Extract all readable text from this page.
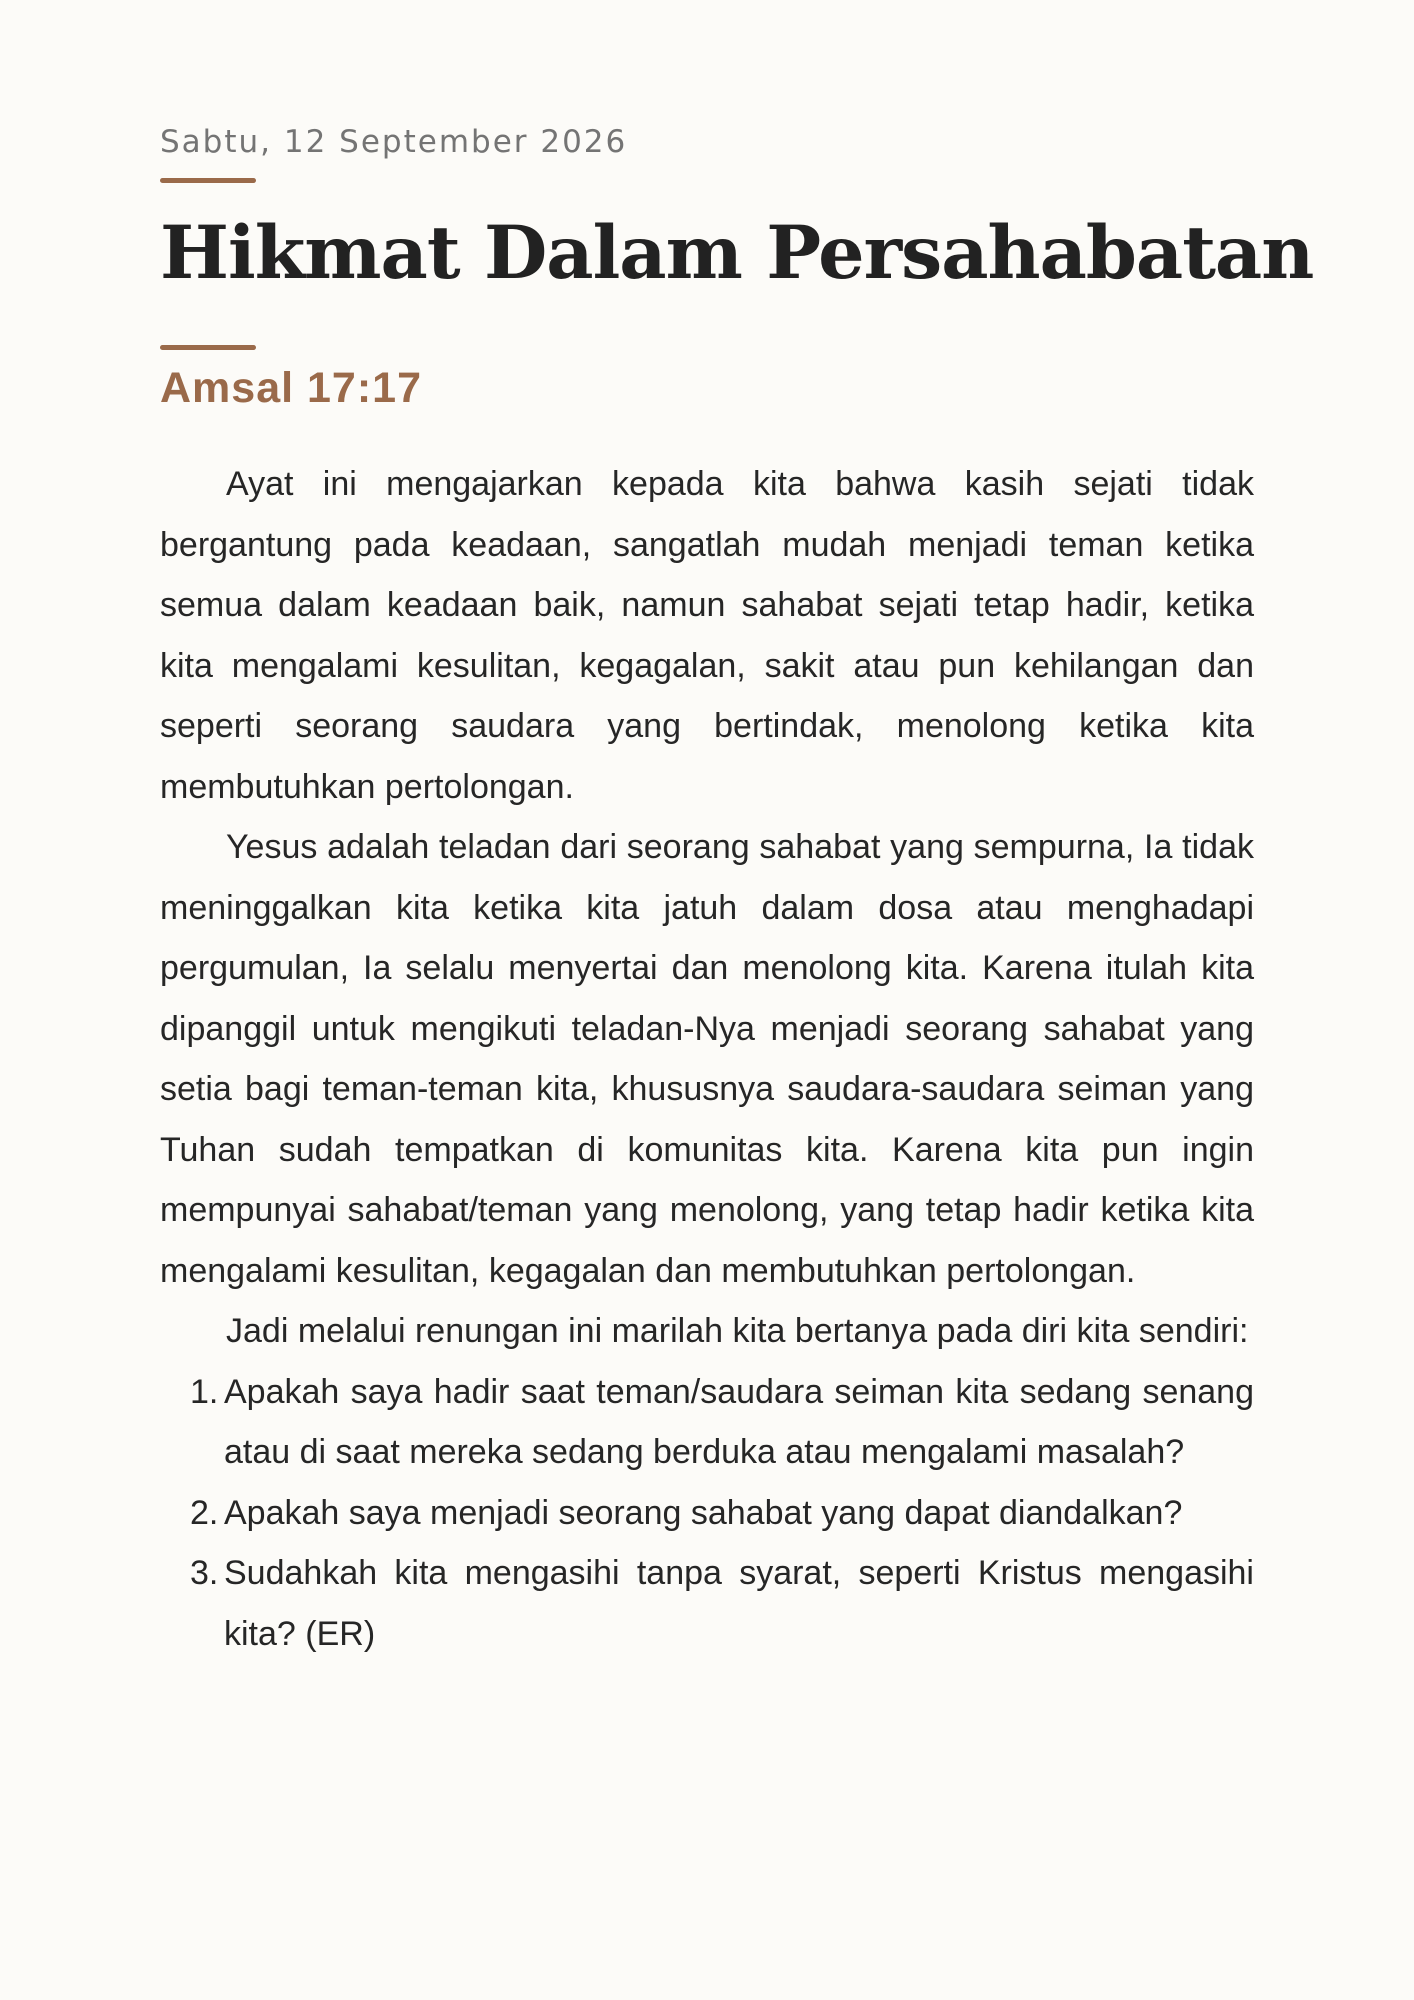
Sabtu, 12 September 2026
Hikmat Dalam Persahabatan
Amsal 17:17

Ayat ini mengajarkan kepada kita bahwa kasih sejati tidak bergantung pada keadaan, sangatlah mudah menjadi teman ketika semua dalam keadaan baik, namun sahabat sejati tetap hadir, ketika kita mengalami kesulitan, kegagalan, sakit atau pun kehilangan dan seperti seorang saudara yang bertindak, menolong ketika kita membutuhkan pertolongan.

Yesus adalah teladan dari seorang sahabat yang sempurna, Ia tidak meninggalkan kita ketika kita jatuh dalam dosa atau menghadapi pergumulan, Ia selalu menyertai dan menolong kita. Karena itulah kita dipanggil untuk mengikuti teladan-Nya menjadi seorang sahabat yang setia bagi teman-teman kita, khususnya saudara-saudara seiman yang Tuhan sudah tempatkan di komunitas kita. Karena kita pun ingin mempunyai sahabat/teman yang menolong, yang tetap hadir ketika kita mengalami kesulitan, kegagalan dan membutuhkan pertolongan.

Jadi melalui renungan ini marilah kita bertanya pada diri kita sendiri:

1. Apakah saya hadir saat teman/saudara seiman kita sedang senang atau di saat mereka sedang berduka atau mengalami masalah?
2. Apakah saya menjadi seorang sahabat yang dapat diandalkan?
3. Sudahkah kita mengasihi tanpa syarat, seperti Kristus mengasihi kita? (ER)
